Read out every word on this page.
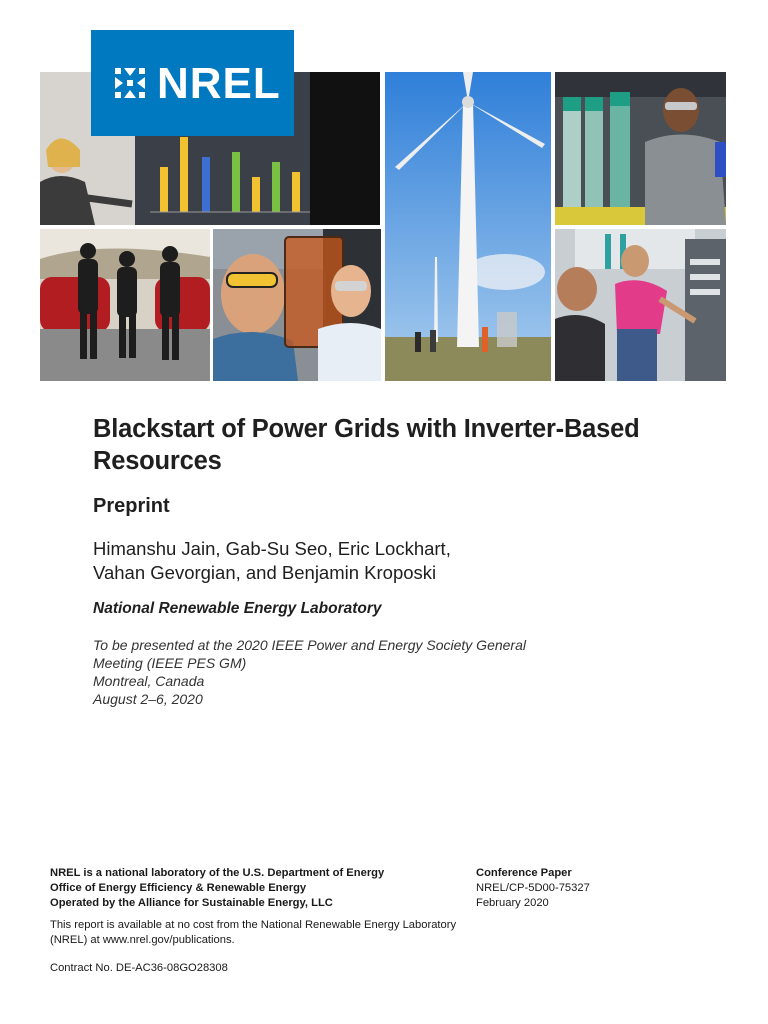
NREL
Blackstart of Power Grids with Inverter-Based Resources
Preprint
Himanshu Jain, Gab-Su Seo, Eric Lockhart,
Vahan Gevorgian, and Benjamin Kroposki

National Renewable Energy Laboratory

To be presented at the 2020 IEEE Power and Energy Society General
Meeting (IEEE PES GM)
Montreal, Canada
August 2–6, 2020
NREL is a national laboratory of the U.S. Department of Energy
Office of Energy Efficiency & Renewable Energy
Operated by the Alliance for Sustainable Energy, LLC
This report is available at no cost from the National Renewable Energy Laboratory (NREL) at www.nrel.gov/publications.
Contract No. DE-AC36-08GO28308
Conference Paper
NREL/CP-5D00-75327
February 2020
